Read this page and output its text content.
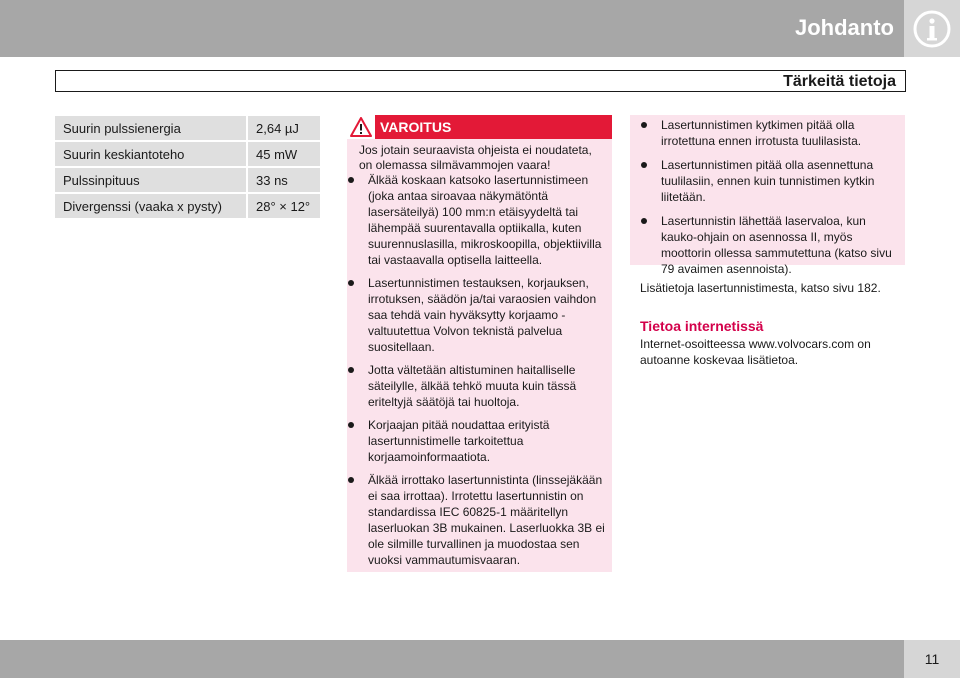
Johdanto
Tärkeitä tietoja
Suurin pulssienergia	2,64 µJ
Suurin keskiantoteho	45 mW
Pulssinpituus	33 ns
Divergenssi (vaaka x pysty)	28° × 12°
VAROITUS
Jos jotain seuraavista ohjeista ei noudateta, on olemassa silmävammojen vaara!
Älkää koskaan katsoko lasertunnistimeen (joka antaa siroavaa näkymätöntä lasersäteilyä) 100 mm:n etäisyydeltä tai lähempää suurentavalla optiikalla, kuten suurennuslasilla, mikroskoopilla, objektiivilla tai vastaavalla optisella laitteella.
Lasertunnistimen testauksen, korjauksen, irrotuksen, säädön ja/tai varaosien vaihdon saa tehdä vain hyväksytty korjaamo - valtuutettua Volvon teknistä palvelua suositellaan.
Jotta vältetään altistuminen haitalliselle säteilylle, älkää tehkö muuta kuin tässä eriteltyjä säätöjä tai huoltoja.
Korjaajan pitää noudattaa erityistä lasertunnistimelle tarkoitettua korjaamoinformaatiota.
Älkää irrottako lasertunnistinta (linssejäkään ei saa irrottaa). Irrotettu lasertunnistin on standardissa IEC 60825-1 määritellyn laserluokan 3B mukainen. Laserluokka 3B ei ole silmille turvallinen ja muodostaa sen vuoksi vammautumisvaaran.
Lasertunnistimen kytkimen pitää olla irrotettuna ennen irrotusta tuulilasista.
Lasertunnistimen pitää olla asennettuna tuulilasiin, ennen kuin tunnistimen kytkin liitetään.
Lasertunnistin lähettää laservaloa, kun kauko-ohjain on asennossa II, myös moottorin ollessa sammutettuna (katso sivu 79 avaimen asennoista).
Lisätietoja lasertunnistimesta, katso sivu 182.
Tietoa internetissä
Internet-osoitteessa www.volvocars.com on autoanne koskevaa lisätietoa.
11
